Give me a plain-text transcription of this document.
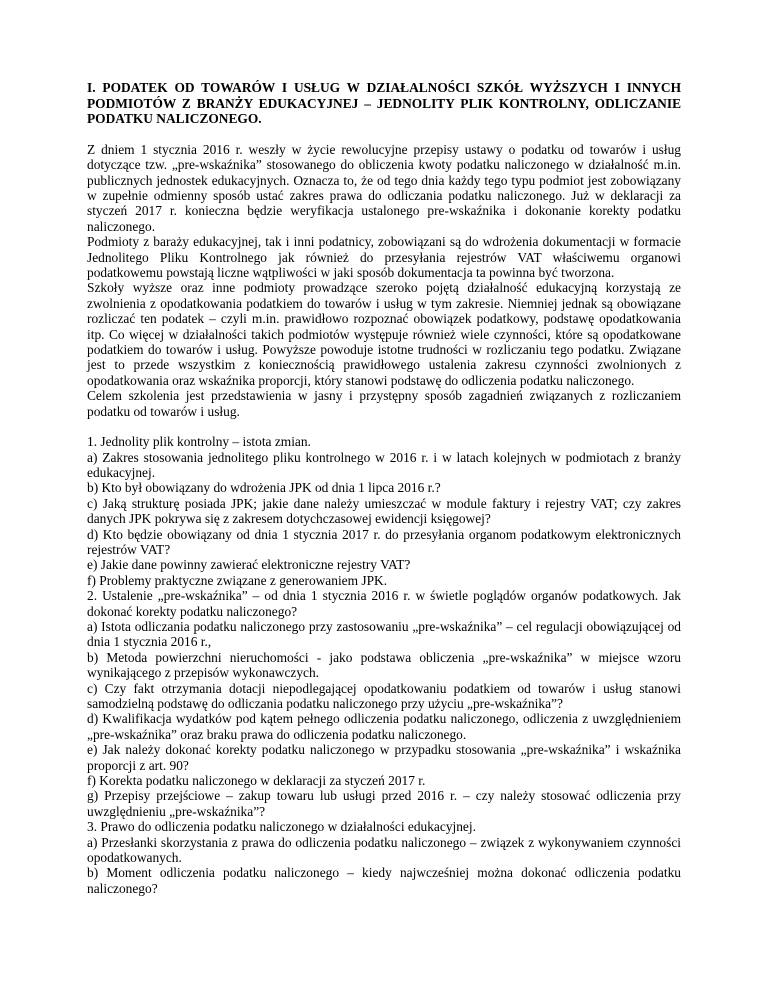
I. PODATEK OD TOWARÓW I USŁUG W DZIAŁALNOŚCI SZKÓŁ WYŻSZYCH I INNYCH PODMIOTÓW Z BRANŻY EDUKACYJNEJ – JEDNOLITY PLIK KONTROLNY, ODLICZANIE PODATKU NALICZONEGO.

Z dniem 1 stycznia 2016 r. weszły w życie rewolucyjne przepisy ustawy o podatku od towarów i usług dotyczące tzw. „pre-wskaźnika” stosowanego do obliczenia kwoty podatku naliczonego w działalność m.in. publicznych jednostek edukacyjnych. Oznacza to, że od tego dnia każdy tego typu podmiot jest zobowiązany w zupełnie odmienny sposób ustać zakres prawa do odliczania podatku naliczonego. Już w deklaracji za styczeń 2017 r. konieczna będzie weryfikacja ustalonego pre-wskaźnika i dokonanie korekty podatku naliczonego.

Podmioty z baraży edukacyjnej, tak i inni podatnicy, zobowiązani są do wdrożenia dokumentacji w formacie Jednolitego Pliku Kontrolnego jak również do przesyłania rejestrów VAT właściwemu organowi podatkowemu powstają liczne wątpliwości w jaki sposób dokumentacja ta powinna być tworzona.

Szkoły wyższe oraz inne podmioty prowadzące szeroko pojętą działalność edukacyjną korzystają ze zwolnienia z opodatkowania podatkiem do towarów i usług w tym zakresie. Niemniej jednak są obowiązane rozliczać ten podatek – czyli m.in. prawidłowo rozpoznać obowiązek podatkowy, podstawę opodatkowania itp. Co więcej w działalności takich podmiotów występuje również wiele czynności, które są opodatkowane podatkiem do towarów i usług. Powyższe powoduje istotne trudności w rozliczaniu tego podatku. Związane jest to przede wszystkim z koniecznością prawidłowego ustalenia zakresu czynności zwolnionych z opodatkowania oraz wskaźnika proporcji, który stanowi podstawę do odliczenia podatku naliczonego.

Celem szkolenia jest przedstawienia w jasny i przystępny sposób zagadnień związanych z rozliczaniem podatku od towarów i usług.

1. Jednolity plik kontrolny – istota zmian.

a) Zakres stosowania jednolitego pliku kontrolnego w 2016 r. i w latach kolejnych w podmiotach z branży edukacyjnej.

b) Kto był obowiązany do wdrożenia JPK od dnia 1 lipca 2016 r.?

c) Jaką strukturę posiada JPK; jakie dane należy umieszczać w module faktury i rejestry VAT; czy zakres danych JPK pokrywa się z zakresem dotychczasowej ewidencji księgowej?

d) Kto będzie obowiązany od dnia 1 stycznia 2017 r. do przesyłania organom podatkowym elektronicznych rejestrów VAT?

e) Jakie dane powinny zawierać elektroniczne rejestry VAT?

f) Problemy praktyczne związane z generowaniem JPK.

2. Ustalenie „pre-wskaźnika” – od dnia 1 stycznia 2016 r. w świetle poglądów organów podatkowych. Jak dokonać korekty podatku naliczonego?

a) Istota odliczania podatku naliczonego przy zastosowaniu „pre-wskaźnika” – cel regulacji obowiązującej od dnia 1 stycznia 2016 r.,

b) Metoda powierzchni nieruchomości - jako podstawa obliczenia „pre-wskaźnika” w miejsce wzoru wynikającego z przepisów wykonawczych.

c) Czy fakt otrzymania dotacji niepodlegającej opodatkowaniu podatkiem od towarów i usług stanowi samodzielną podstawę do odliczania podatku naliczonego przy użyciu „pre-wskaźnika”?

d) Kwalifikacja wydatków pod kątem pełnego odliczenia podatku naliczonego, odliczenia z uwzględnieniem „pre-wskaźnika” oraz braku prawa do odliczenia podatku naliczonego.

e) Jak należy dokonać korekty podatku naliczonego w przypadku stosowania „pre-wskaźnika” i wskaźnika proporcji z art. 90?

f) Korekta podatku naliczonego w deklaracji za styczeń 2017 r.

g) Przepisy przejściowe – zakup towaru lub usługi przed 2016 r. – czy należy stosować odliczenia przy uwzględnieniu „pre-wskaźnika”?

3. Prawo do odliczenia podatku naliczonego w działalności edukacyjnej.

a) Przesłanki skorzystania z prawa do odliczenia podatku naliczonego – związek z wykonywaniem czynności opodatkowanych.

b) Moment odliczenia podatku naliczonego – kiedy najwcześniej można dokonać odliczenia podatku naliczonego?
